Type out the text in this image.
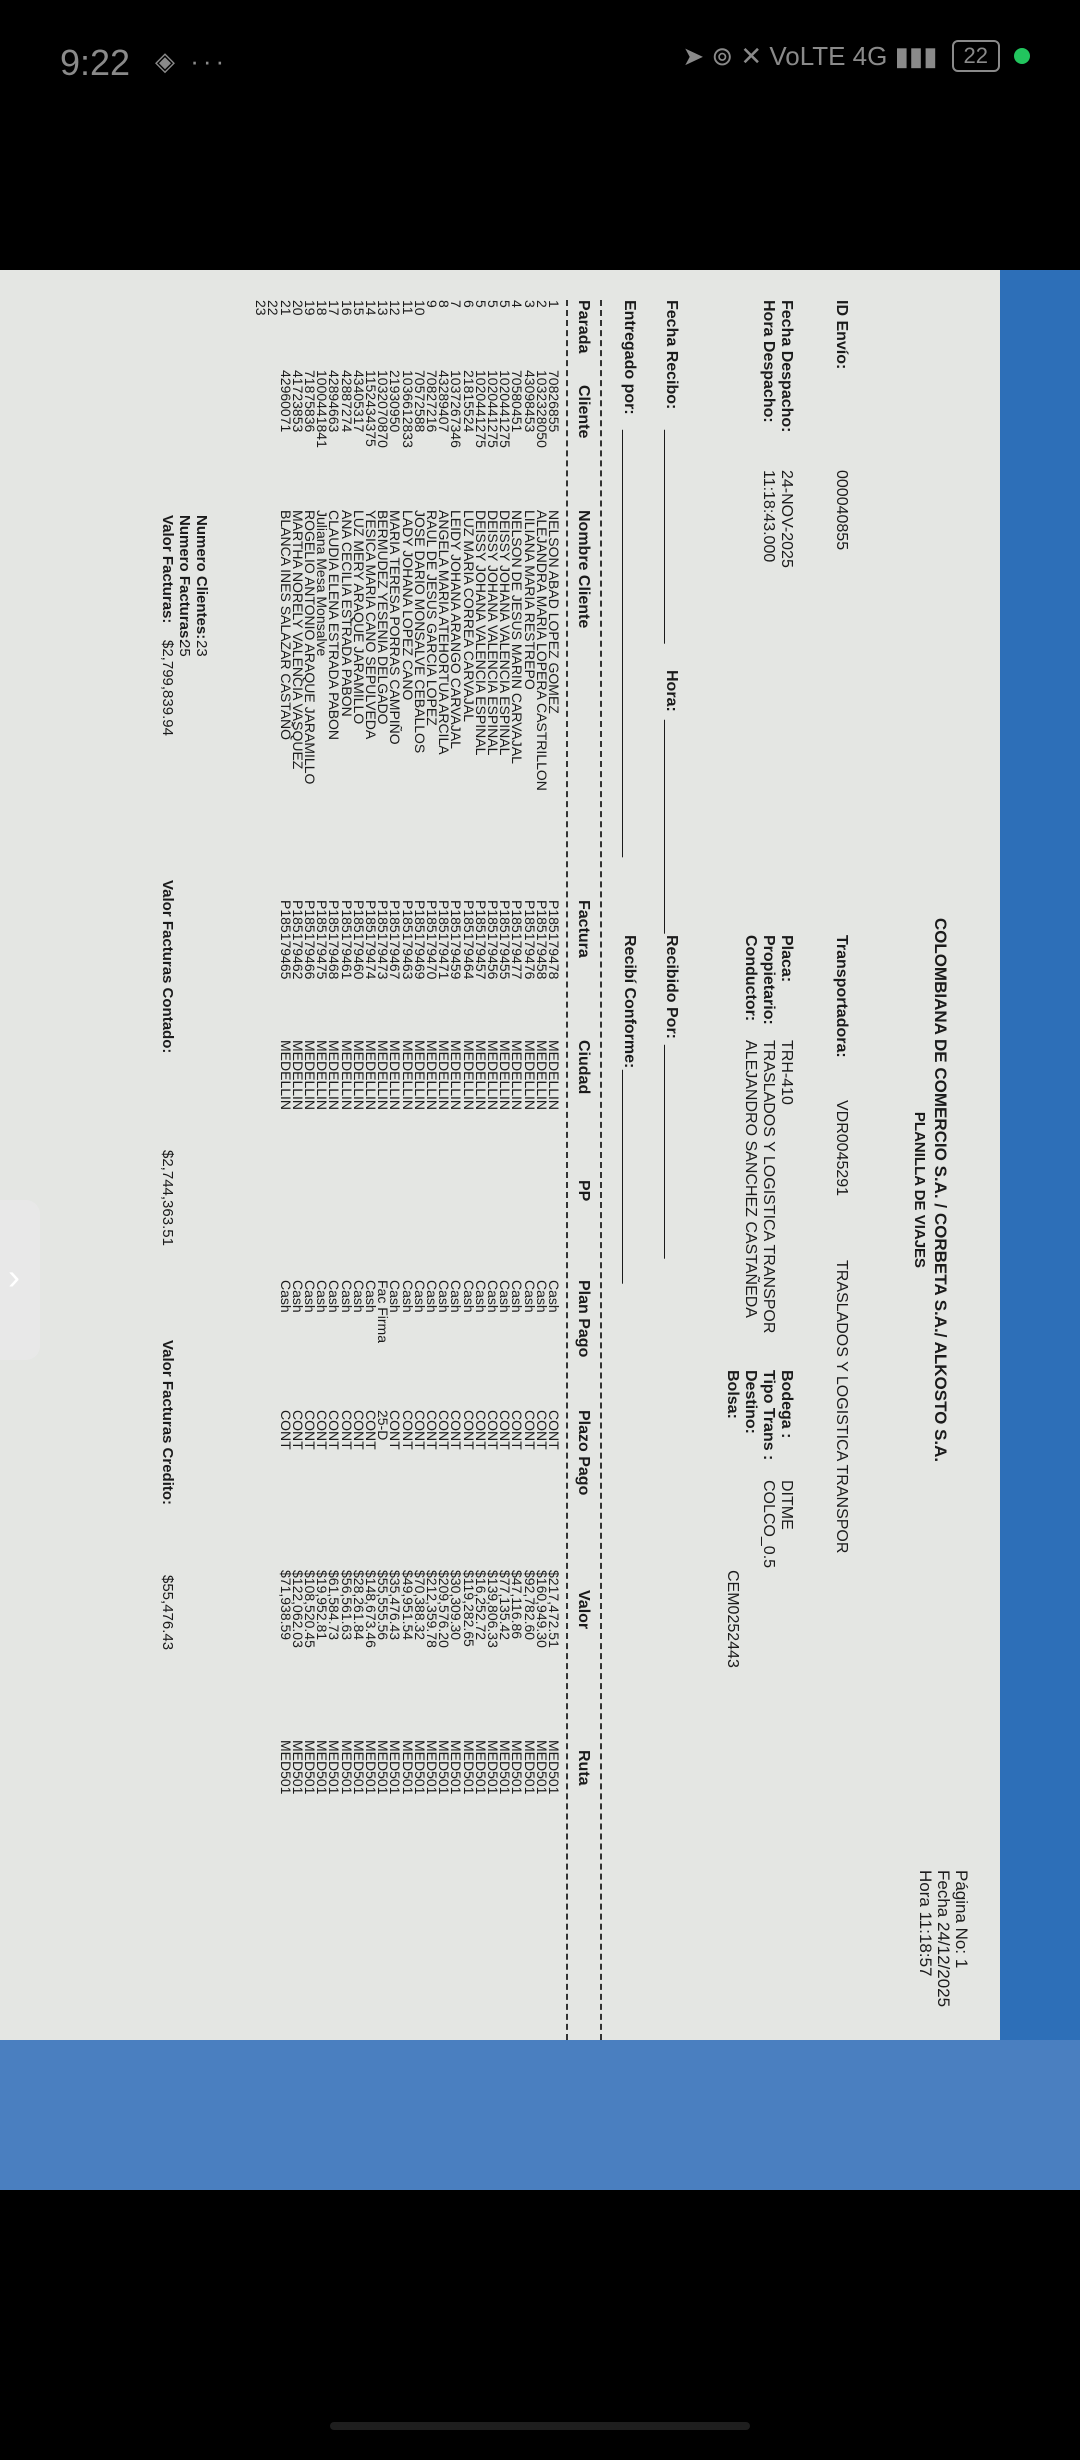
9:22 ◈ ···	➤ ⊚ ✕ VoLTE 4G ▮▮▮	22
COLOMBIANA DE COMERCIO S.A. / CORBETA S.A./ ALKOSTO S.A.
PLANILLA DE VIAJES
Página No: 1
Fecha 24/12/2025
Hora 11:18:57
ID Envío:
000040855
Fecha Despacho:
24-NOV-2025
Hora Despacho:
11:18:43.000
Transportadora:
VDR0045291
TRASLADOS Y LOGISTICA TRANSPOR
Placa:
TRH-410
Propietario:
TRASLADOS Y LOGISTICA TRANSPOR
Conductor:
ALEJANDRO SANCHEZ CASTAÑEDA
Bodega :
DITME
Tipo Trans :
COLCO_0.5
Destino:
Bolsa:
CEM0252443
Fecha Recibo:
________________________
Hora:
________________________
Entregado por:
________________________________________________
Recibido Por:
________________________
Recibí Conforme:
________________________
Parada
Cliente
Nombre Cliente
Factura
Ciudad
PP
Plan Pago
Plazo Pago
Valor
Ruta
1
2
3
4
5
5
5
6
7
8
9
10
11
12
13
14
15
16
17
18
19
20
21
22
23
70826855
1032328050
43098453
70580451
1020441275
1020441275
1020441275
21815524
1037267346
43289407
70827216
70572588
1036612833
21930950
1032070870
1152434375
43405317
42887274
42894663
1000441841
71875836
41723853
42960071
NELSON ABAD LOPEZ GOMEZ
ALEJANDRA MARIA LOPERA CASTRILLON
LILIANA MARIA RESTREPO
NELSON DE JESUS MARIN CARVAJAL
DEISSY JOHANA VALENCIA ESPINAL
DEISSY JOHANA VALENCIA ESPINAL
DEISSY JOHANA VALENCIA ESPINAL
LUZ MARIA CORREA CARVAJAL
LEIDY JOHANA ARANGO CARVAJAL
ANGELA MARIA ATEHORTUA ARCILA
RAUL DE JESUS GARCIA LOPEZ
JOSE DARIO MONSALVE CEBALLOS
LADY JOHANA LOPEZ CANO
MARIA TERESA PORRAS CAMPIÑO
BERMUDEZ YESENIA DELGADO
YESICA MARIA CANO SEPULVEDA
LUZ MERY ARAQUE JARAMILLO
ANA CECILIA ESTRADA PABON
CLAUDIA ELENA ESTRADA PABON
Juliana Mesa Monsalve
ROGELIO ANTONIO ARAQUE JARAMILLO
MARTHA NORELY VALENCIA VASQUEZ
BLANCA INES SALAZAR CASTAÑO
P185179478
P185179458
P185179476
P185179477
P185179455
P185179456
P185179457
P185179464
P185179459
P185179471
P185179470
P185179469
P185179463
P185179467
P185179473
P185179474
P185179460
P185179461
P185179468
P185179475
P185179466
P185179462
P185179465
MEDELLIN
MEDELLIN
MEDELLIN
MEDELLIN
MEDELLIN
MEDELLIN
MEDELLIN
MEDELLIN
MEDELLIN
MEDELLIN
MEDELLIN
MEDELLIN
MEDELLIN
MEDELLIN
MEDELLIN
MEDELLIN
MEDELLIN
MEDELLIN
MEDELLIN
MEDELLIN
MEDELLIN
MEDELLIN
MEDELLIN
Cash
Cash
Cash
Cash
Cash
Cash
Cash
Cash
Cash
Cash
Cash
Cash
Cash
Cash
Fac Firma
Cash
Cash
Cash
Cash
Cash
Cash
Cash
Cash
CONT
CONT
CONT
CONT
CONT
CONT
CONT
CONT
CONT
CONT
CONT
CONT
CONT
CONT
25-D
CONT
CONT
CONT
CONT
CONT
CONT
CONT
CONT
$217,472.51
$160,949.30
$92,782.60
$47,116.86
$77,135.42
$139,806.33
$16,252.72
$119,282.65
$30,309.30
$209,576.20
$212,359.78
$70,388.32
$49,951.54
$35,476.43
$55,555.56
$148,673.46
$28,261.84
$56,561.63
$61,584.73
$19,952.81
$108,520.45
$122,062.03
$71,938.59
MED501
MED501
MED501
MED501
MED501
MED501
MED501
MED501
MED501
MED501
MED501
MED501
MED501
MED501
MED501
MED501
MED501
MED501
MED501
MED501
MED501
MED501
MED501
Numero Clientes:
23
Numero Facturas:
25
Valor Facturas:
$2,799,839.94
Valor Facturas Contado:
$2,744,363.51
Valor Facturas Credito:
$55,476.43
›
